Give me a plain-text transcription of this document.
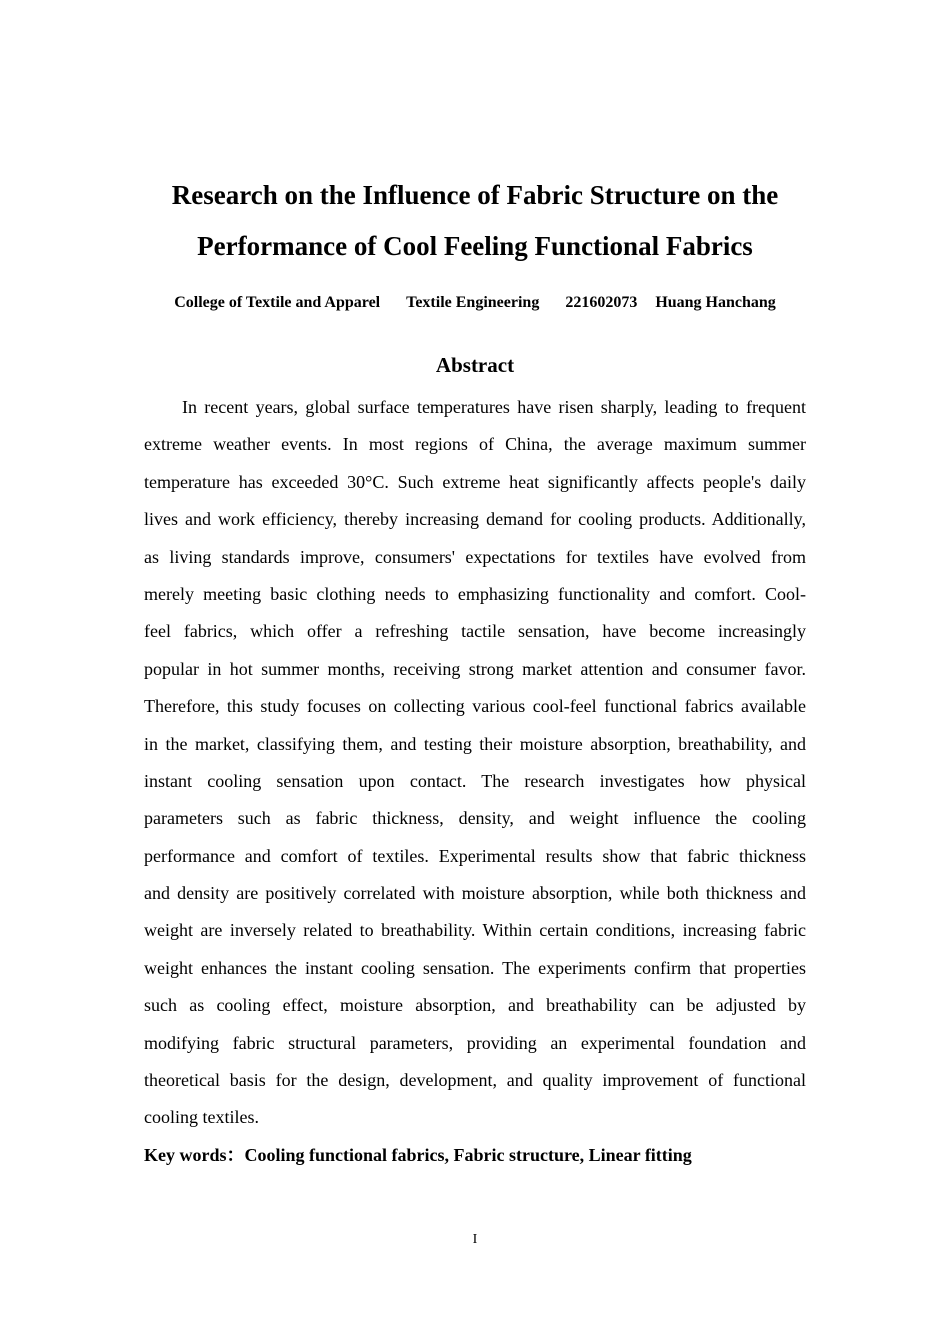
Research on the Influence of Fabric Structure on the
Performance of Cool Feeling Functional Fabrics
College of Textile and Apparel Textile Engineering 221602073 Huang Hanchang
Abstract
In recent years, global surface temperatures have risen sharply, leading to frequent
extreme weather events. In most regions of China, the average maximum summer
temperature has exceeded 30°C. Such extreme heat significantly affects people's daily
lives and work efficiency, thereby increasing demand for cooling products. Additionally,
as living standards improve, consumers' expectations for textiles have evolved from
merely meeting basic clothing needs to emphasizing functionality and comfort. Cool-
feel fabrics, which offer a refreshing tactile sensation, have become increasingly
popular in hot summer months, receiving strong market attention and consumer favor.
Therefore, this study focuses on collecting various cool-feel functional fabrics available
in the market, classifying them, and testing their moisture absorption, breathability, and
instant cooling sensation upon contact. The research investigates how physical
parameters such as fabric thickness, density, and weight influence the cooling
performance and comfort of textiles. Experimental results show that fabric thickness
and density are positively correlated with moisture absorption, while both thickness and
weight are inversely related to breathability. Within certain conditions, increasing fabric
weight enhances the instant cooling sensation. The experiments confirm that properties
such as cooling effect, moisture absorption, and breathability can be adjusted by
modifying fabric structural parameters, providing an experimental foundation and
theoretical basis for the design, development, and quality improvement of functional
cooling textiles.
Key words：Cooling functional fabrics, Fabric structure, Linear fitting
I
